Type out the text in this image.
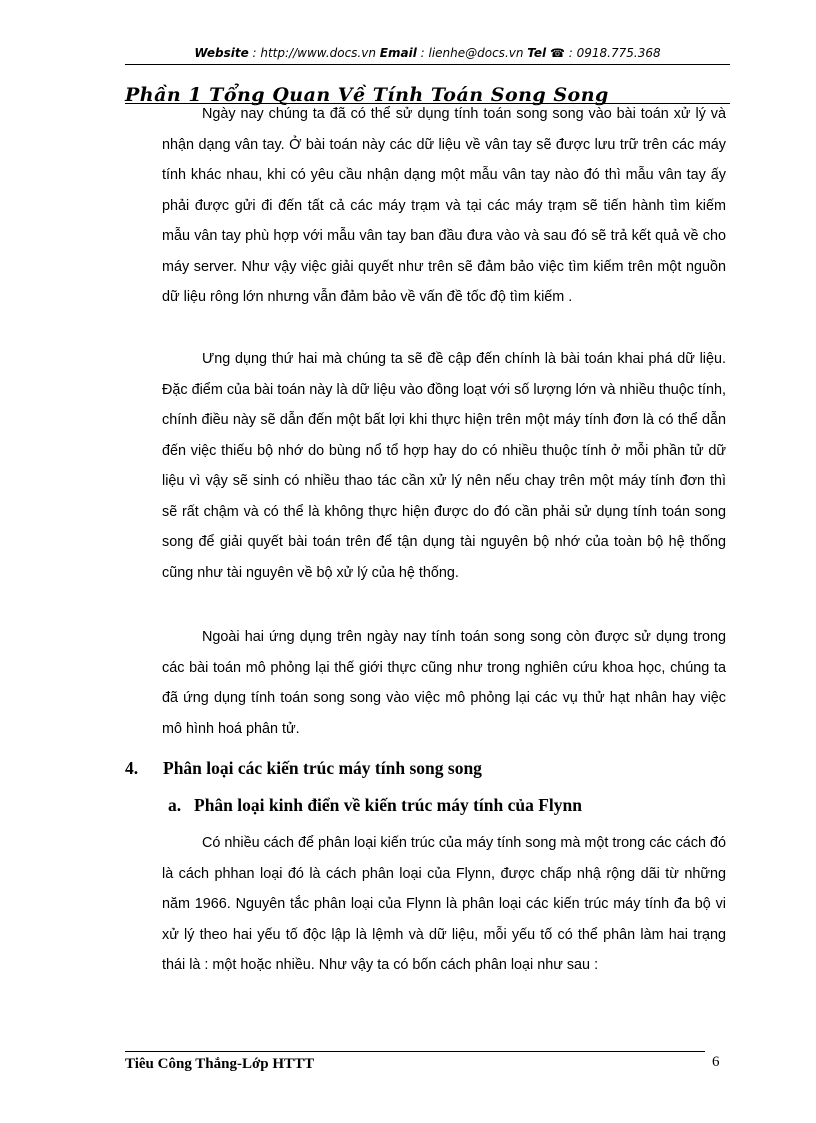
Website : http://www.docs.vn Email : lienhe@docs.vn Tel ☎ : 0918.775.368
Phần 1 Tổng Quan Về Tính Toán Song Song

Ngày nay chúng ta đã có thể sử dụng tính toán song song vào bài toán xử lý và nhận dạng vân tay. Ở bài toán này các dữ liệu về vân tay sẽ được lưu trữ trên các máy tính khác nhau, khi có yêu cầu nhận dạng một mẫu vân tay nào đó thì mẫu vân tay ấy phải được gửi đi đến tất cả các máy trạm và tại các máy trạm sẽ tiến hành tìm kiếm mẫu vân tay phù hợp với mẫu vân tay ban đầu đưa vào và sau đó sẽ trả kết quả về cho máy server. Như vậy việc giải quyết như trên sẽ đảm bảo việc tìm kiếm trên một nguồn dữ liệu rông lớn nhưng vẫn đảm bảo về vấn đề tốc độ tìm kiếm .

Ưng dụng thứ hai mà chúng ta sẽ đề cập đến chính là bài toán khai phá dữ liệu. Đặc điểm của bài toán này là dữ liệu vào đồng loạt với số lượng lớn và nhiều thuộc tính, chính điều này sẽ dẫn đến một bất lợi khi thực hiện trên một máy tính đơn là có thể dẫn đến việc thiếu bộ nhớ do bùng nổ tổ hợp hay do có nhiều thuộc tính ở mỗi phần tử dữ liệu vì vậy sẽ sinh có nhiều thao tác cần xử lý nên nếu chay trên một máy tính đơn thì sẽ rất chậm và có thể là không thực hiện được do đó cần phải sử dụng tính toán song song để giải quyết bài toán trên để tận dụng tài nguyên bộ nhớ của toàn bộ hệ thống cũng như tài nguyên về bộ xử lý của hệ thống.

Ngoài hai ứng dụng trên ngày nay tính toán song song còn được sử dụng trong các bài toán mô phỏng lại thế giới thực cũng như trong nghiên cứu khoa học, chúng ta đã ứng dụng tính toán song song vào việc mô phỏng lại các vụ thử hạt nhân hay việc mô hình hoá phân tử.

4. Phân loại các kiến trúc máy tính song song
a. Phân loại kinh điển về kiến trúc máy tính của Flynn

Có nhiều cách để phân loại kiến trúc của máy tính song mà một trong các cách đó là cách phhan loại đó là cách phân loại của Flynn, được chấp nhậ rộng dãi từ những năm 1966. Nguyên tắc phân loại của Flynn là phân loại các kiến trúc máy tính đa bộ vi xử lý theo hai yếu tố độc lập là lệmh và dữ liệu, mỗi yếu tố có thể phân làm hai trạng thái là : một hoặc nhiều. Như vậy ta có bốn cách phân loại như sau :

Tiêu Công Thắng-Lớp HTTT	6
